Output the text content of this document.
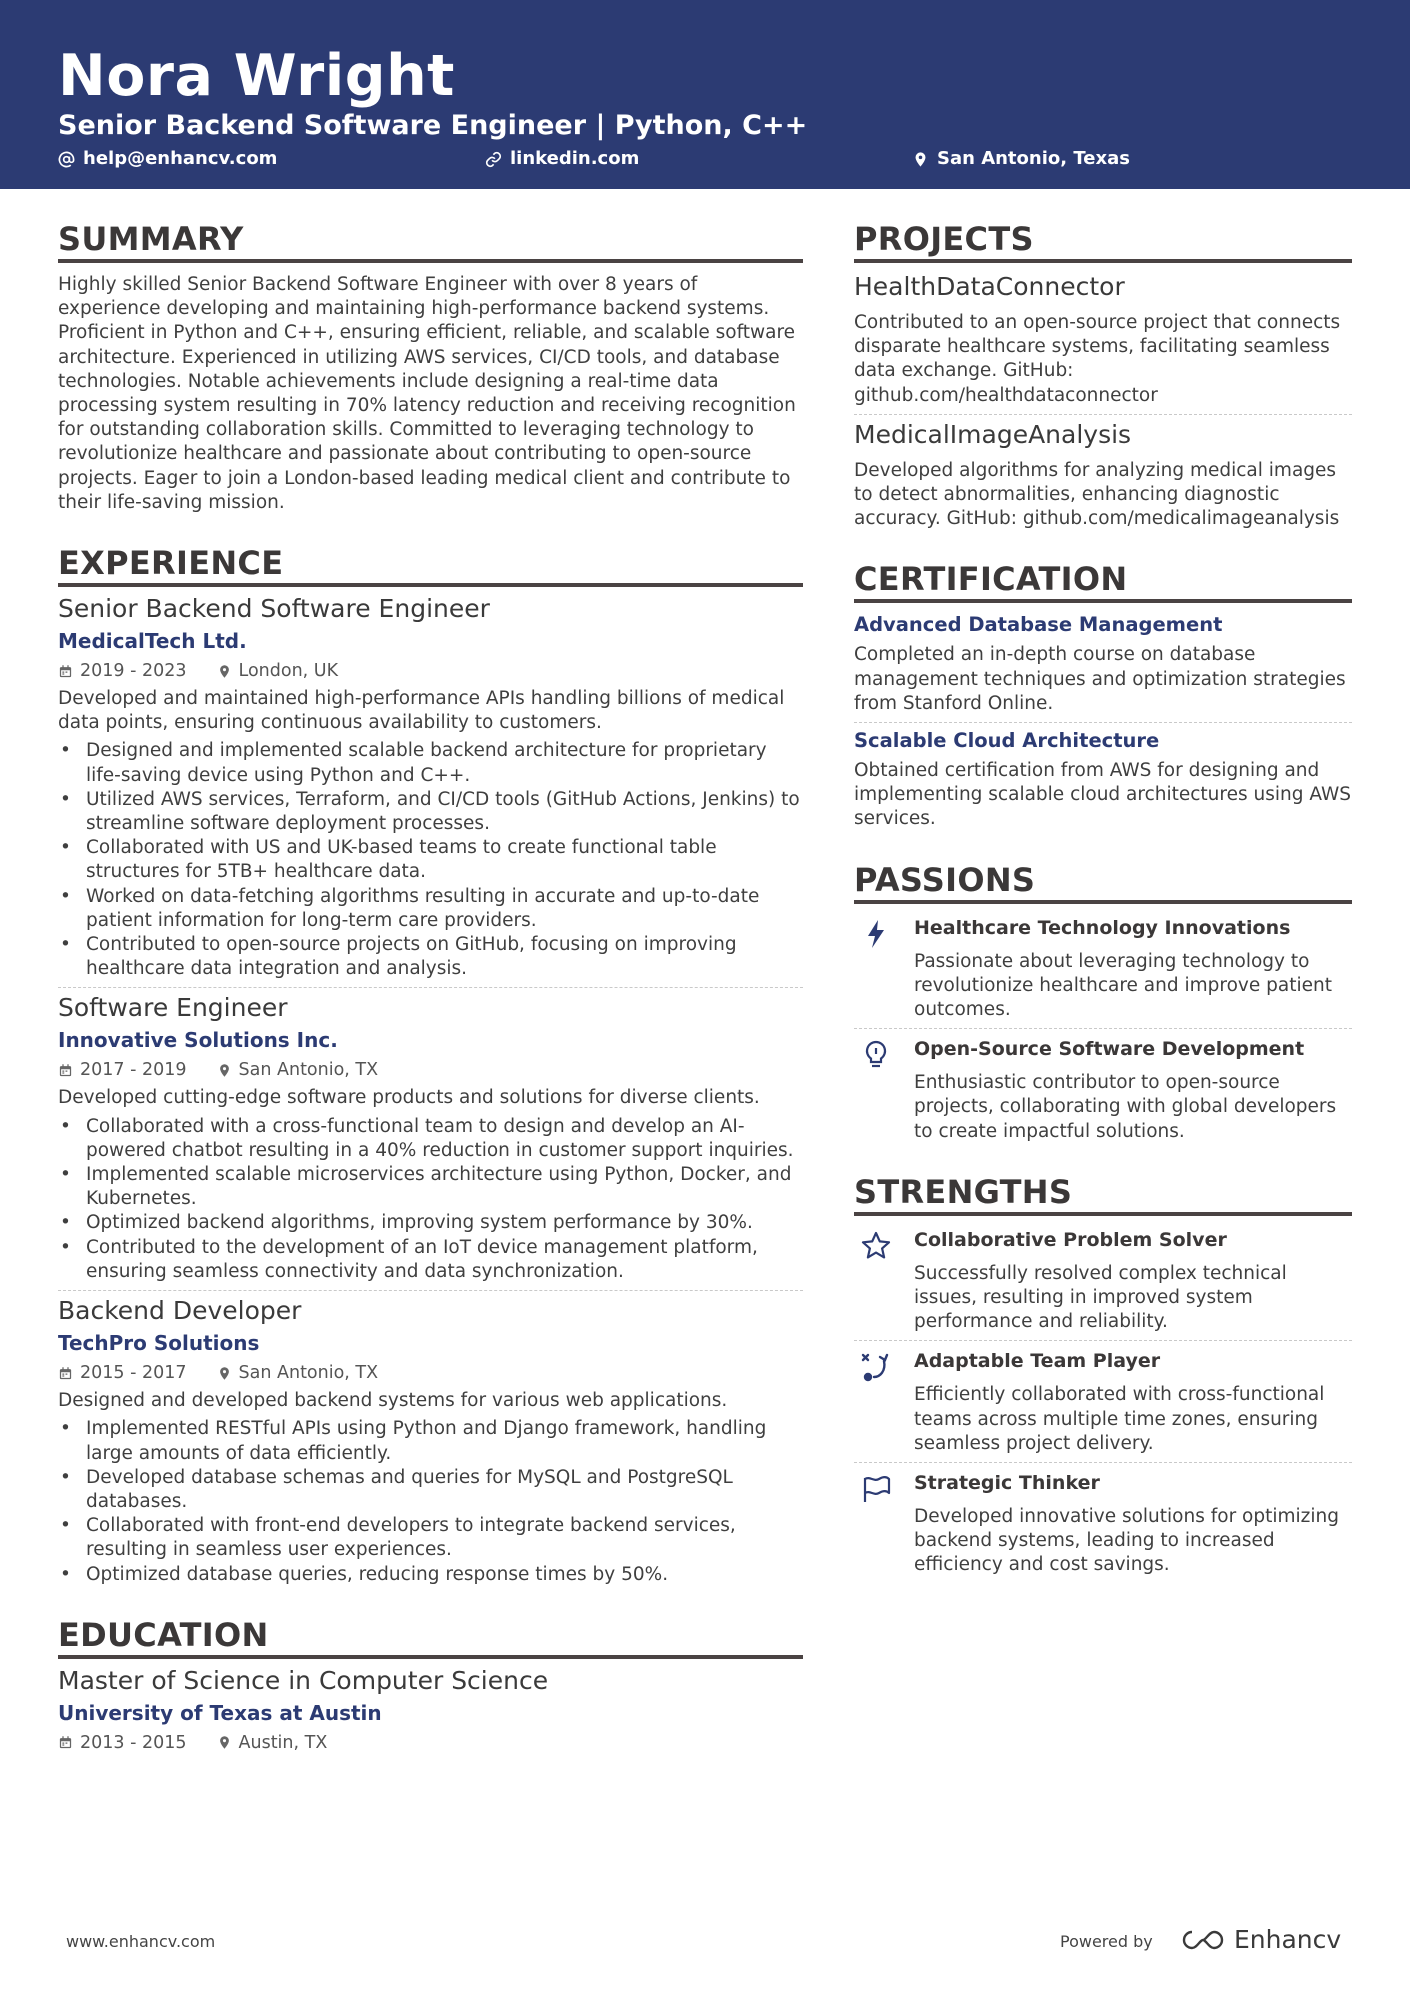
Nora Wright
Senior Backend Software Engineer | Python, C++
help@enhancv.com	linkedin.com	San Antonio, Texas
SUMMARY
Highly skilled Senior Backend Software Engineer with over 8 years of experience developing and maintaining high-performance backend systems. Proficient in Python and C++, ensuring efficient, reliable, and scalable software architecture. Experienced in utilizing AWS services, CI/CD tools, and database technologies. Notable achievements include designing a real-time data processing system resulting in 70% latency reduction and receiving recognition for outstanding collaboration skills. Committed to leveraging technology to revolutionize healthcare and passionate about contributing to open-source projects. Eager to join a London-based leading medical client and contribute to their life-saving mission.
EXPERIENCE
Senior Backend Software Engineer
MedicalTech Ltd.
2019 - 2023	London, UK
Developed and maintained high-performance APIs handling billions of medical data points, ensuring continuous availability to customers.
• Designed and implemented scalable backend architecture for proprietary life-saving device using Python and C++.
• Utilized AWS services, Terraform, and CI/CD tools (GitHub Actions, Jenkins) to streamline software deployment processes.
• Collaborated with US and UK-based teams to create functional table structures for 5TB+ healthcare data.
• Worked on data-fetching algorithms resulting in accurate and up-to-date patient information for long-term care providers.
• Contributed to open-source projects on GitHub, focusing on improving healthcare data integration and analysis.
Software Engineer
Innovative Solutions Inc.
2017 - 2019	San Antonio, TX
Developed cutting-edge software products and solutions for diverse clients.
• Collaborated with a cross-functional team to design and develop an AI-powered chatbot resulting in a 40% reduction in customer support inquiries.
• Implemented scalable microservices architecture using Python, Docker, and Kubernetes.
• Optimized backend algorithms, improving system performance by 30%.
• Contributed to the development of an IoT device management platform, ensuring seamless connectivity and data synchronization.
Backend Developer
TechPro Solutions
2015 - 2017	San Antonio, TX
Designed and developed backend systems for various web applications.
• Implemented RESTful APIs using Python and Django framework, handling large amounts of data efficiently.
• Developed database schemas and queries for MySQL and PostgreSQL databases.
• Collaborated with front-end developers to integrate backend services, resulting in seamless user experiences.
• Optimized database queries, reducing response times by 50%.
EDUCATION
Master of Science in Computer Science
University of Texas at Austin
2013 - 2015	Austin, TX
PROJECTS
HealthDataConnector
Contributed to an open-source project that connects disparate healthcare systems, facilitating seamless data exchange. GitHub: github.com/healthdataconnector
MedicalImageAnalysis
Developed algorithms for analyzing medical images to detect abnormalities, enhancing diagnostic accuracy. GitHub: github.com/medicalimageanalysis
CERTIFICATION
Advanced Database Management
Completed an in-depth course on database management techniques and optimization strategies from Stanford Online.
Scalable Cloud Architecture
Obtained certification from AWS for designing and implementing scalable cloud architectures using AWS services.
PASSIONS
Healthcare Technology Innovations
Passionate about leveraging technology to revolutionize healthcare and improve patient outcomes.
Open-Source Software Development
Enthusiastic contributor to open-source projects, collaborating with global developers to create impactful solutions.
STRENGTHS
Collaborative Problem Solver
Successfully resolved complex technical issues, resulting in improved system performance and reliability.
Adaptable Team Player
Efficiently collaborated with cross-functional teams across multiple time zones, ensuring seamless project delivery.
Strategic Thinker
Developed innovative solutions for optimizing backend systems, leading to increased efficiency and cost savings.
www.enhancv.com	Powered by	Enhancv
